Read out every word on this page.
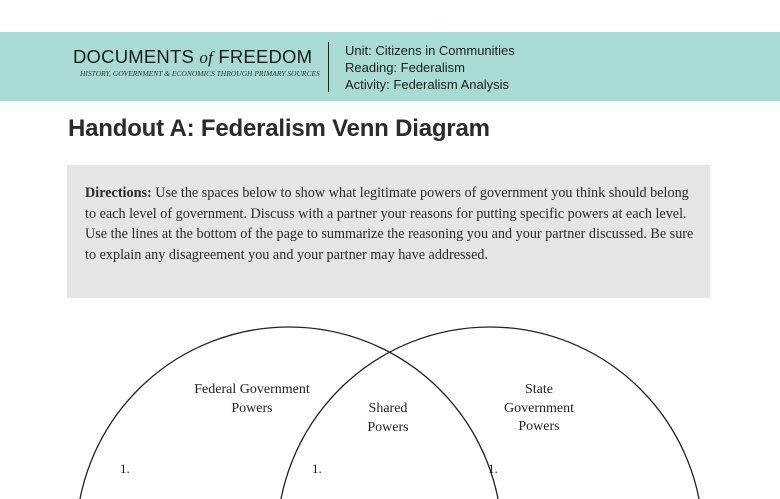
DOCUMENTS of FREEDOM
HISTORY, GOVERNMENT & ECONOMICS THROUGH PRIMARY SOURCES
Unit: Citizens in Communities
Reading: Federalism
Activity: Federalism Analysis
Handout A: Federalism Venn Diagram
Directions: Use the spaces below to show what legitimate powers of government you think should belong to each level of government. Discuss with a partner your reasons for putting specific powers at each level. Use the lines at the bottom of the page to summarize the reasoning you and your partner discussed. Be sure to explain any disagreement you and your partner may have addressed.
Federal Government
Powers	Shared
Powers
State
Government
Powers
1.	1.	1.
